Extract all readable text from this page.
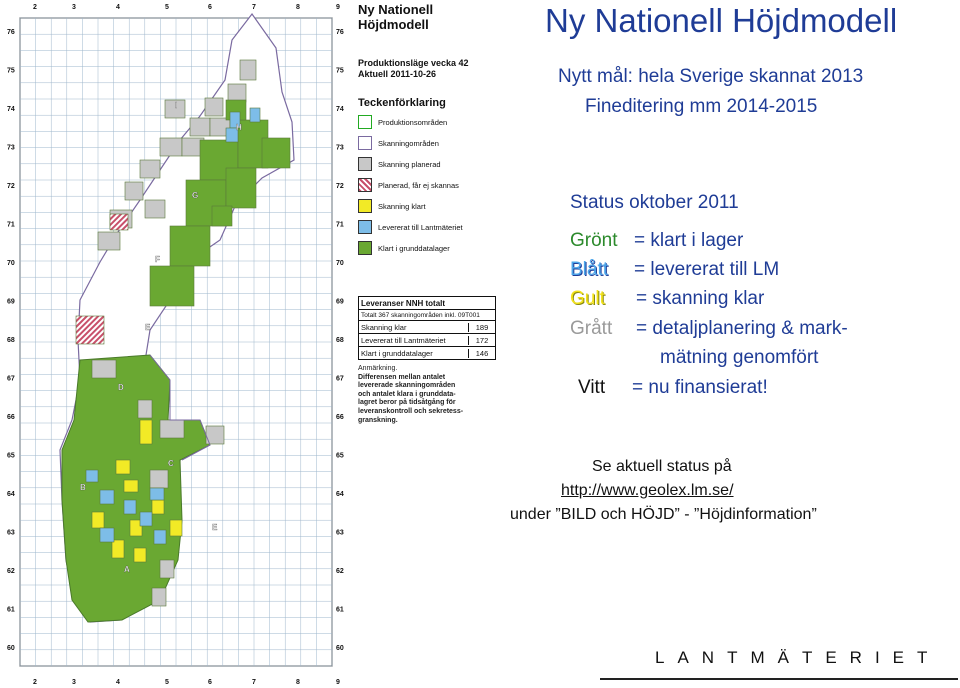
76	76
75	75
74	74
73	73
72	72
71	71
70	70
69	69
68	68
67	67
66	66
65	65
64	64
63	63
62	62
61	61
60	60
2
2
3
3
4
4
5
5
6
6
7
7
8
8
9
9
I
H
G
F
E
D
B
C
E
A
Ny Nationell Höjdmodell
Produktionsläge vecka 42
Aktuell 2011-10-26
Teckenförklaring
Produktionsområden
Skanningområden
Skanning planerad
Planerad, får ej skannas
Skanning klart
Levererat till Lantmäteriet
Klart i grunddatalager
Leveranser NNH totalt
Totalt 367 skanningområden inkl. 09T001
Skanning klar	189
Levererat till Lantmäteriet	172
Klart i grunddatalager	146
Anmärkning.
Differensen mellan antalet
levererade skanningområden
och antalet klara i grunddata-
lagret beror på tidsåtgång för
leveranskontroll och sekretess-
granskning.
Ny Nationell Höjdmodell
Nytt mål: hela Sverige skannat 2013
Fineditering mm 2014-2015
Status oktober 2011
Grönt = klart i lager
Blått = levererat till LM
Gult = skanning klar
Grått = detaljplanering & mark-
mätning genomfört
Vitt = nu finansierat!
Se aktuell status på
http://www.geolex.lm.se/
under ”BILD och HÖJD” - ”Höjdinformation”
LANTMÄTERIET
